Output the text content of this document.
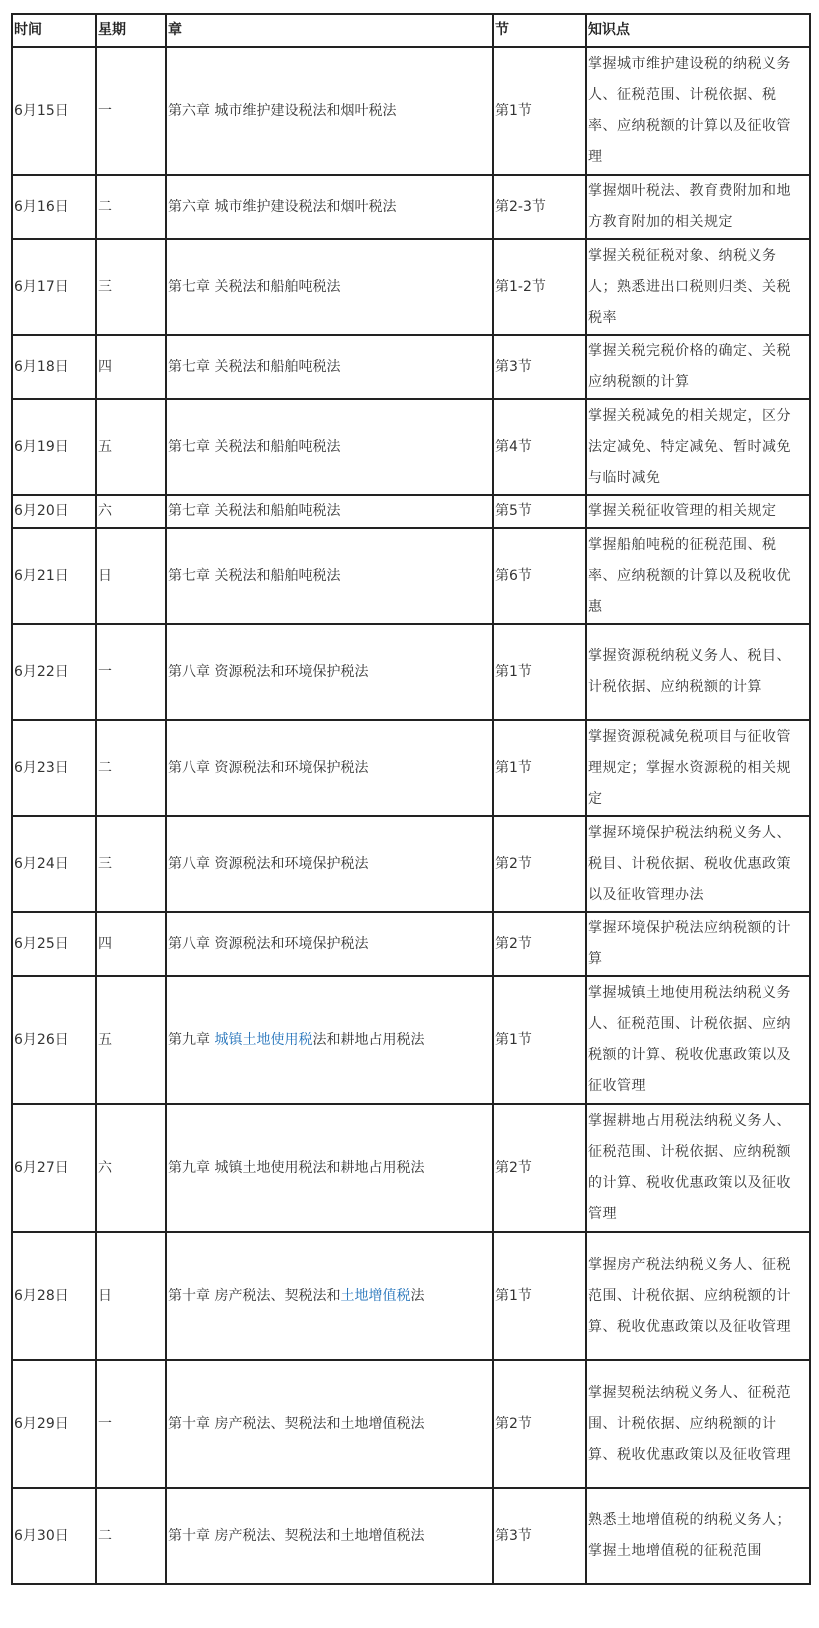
时间	星期	章	节	知识点
6月15日	一	第六章 城市维护建设税法和烟叶税法	第1节	掌握城市维护建设税的纳税义务人、征税范围、计税依据、税率、应纳税额的计算以及征收管理
6月16日	二	第六章 城市维护建设税法和烟叶税法	第2-3节	掌握烟叶税法、教育费附加和地方教育附加的相关规定
6月17日	三	第七章 关税法和船舶吨税法	第1-2节	掌握关税征税对象、纳税义务人；熟悉进出口税则归类、关税税率
6月18日	四	第七章 关税法和船舶吨税法	第3节	掌握关税完税价格的确定、关税应纳税额的计算
6月19日	五	第七章 关税法和船舶吨税法	第4节	掌握关税减免的相关规定，区分法定减免、特定减免、暂时减免与临时减免
6月20日	六	第七章 关税法和船舶吨税法	第5节	掌握关税征收管理的相关规定
6月21日	日	第七章 关税法和船舶吨税法	第6节	掌握船舶吨税的征税范围、税率、应纳税额的计算以及税收优惠
6月22日	一	第八章 资源税法和环境保护税法	第1节	掌握资源税纳税义务人、税目、计税依据、应纳税额的计算
6月23日	二	第八章 资源税法和环境保护税法	第1节	掌握资源税减免税项目与征收管理规定；掌握水资源税的相关规定
6月24日	三	第八章 资源税法和环境保护税法	第2节	掌握环境保护税法纳税义务人、税目、计税依据、税收优惠政策以及征收管理办法
6月25日	四	第八章 资源税法和环境保护税法	第2节	掌握环境保护税法应纳税额的计算
6月26日	五	第九章 城镇土地使用税法和耕地占用税法	第1节	掌握城镇土地使用税法纳税义务人、征税范围、计税依据、应纳税额的计算、税收优惠政策以及征收管理
6月27日	六	第九章 城镇土地使用税法和耕地占用税法	第2节	掌握耕地占用税法纳税义务人、征税范围、计税依据、应纳税额的计算、税收优惠政策以及征收管理
6月28日	日	第十章 房产税法、契税法和土地增值税法	第1节	掌握房产税法纳税义务人、征税范围、计税依据、应纳税额的计算、税收优惠政策以及征收管理
6月29日	一	第十章 房产税法、契税法和土地增值税法	第2节	掌握契税法纳税义务人、征税范围、计税依据、应纳税额的计算、税收优惠政策以及征收管理
6月30日	二	第十章 房产税法、契税法和土地增值税法	第3节	熟悉土地增值税的纳税义务人；掌握土地增值税的征税范围
